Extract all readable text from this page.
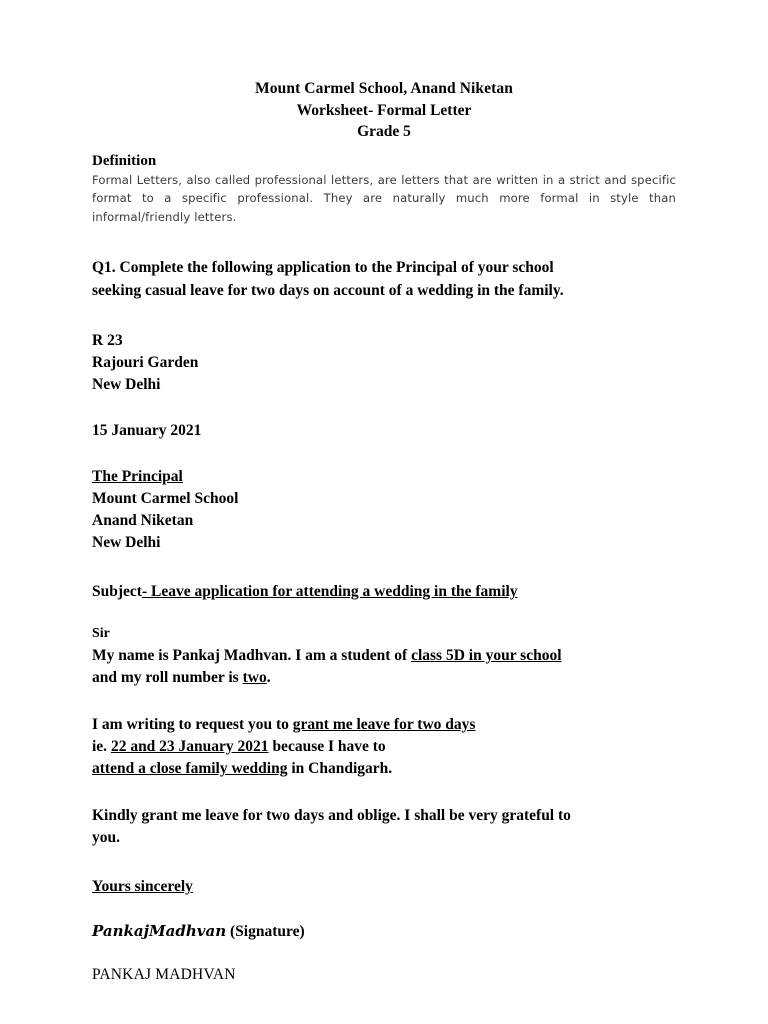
Mount Carmel School, Anand Niketan
Worksheet- Formal Letter
Grade 5
Definition

Formal Letters, also called professional letters, are letters that are written in a strict and specific format to a specific professional. They are naturally much more formal in style than informal/friendly letters.

Q1. Complete the following application to the Principal of your school
seeking casual leave for two days on account of a wedding in the family.
R 23
Rajouri Garden
New Delhi
15 January 2021
The Principal
Mount Carmel School
Anand Niketan
New Delhi
Subject- Leave application for attending a wedding in the family
Sir
My name is Pankaj Madhvan. I am a student of class 5D in your school
and my roll number is two.
I am writing to request you to grant me leave for two days
ie. 22 and 23 January 2021 because I have to
attend a close family wedding in Chandigarh.
Kindly grant me leave for two days and oblige. I shall be very grateful to
you.
Yours sincerely
PankajMadhvan (Signature)
PANKAJ MADHVAN
